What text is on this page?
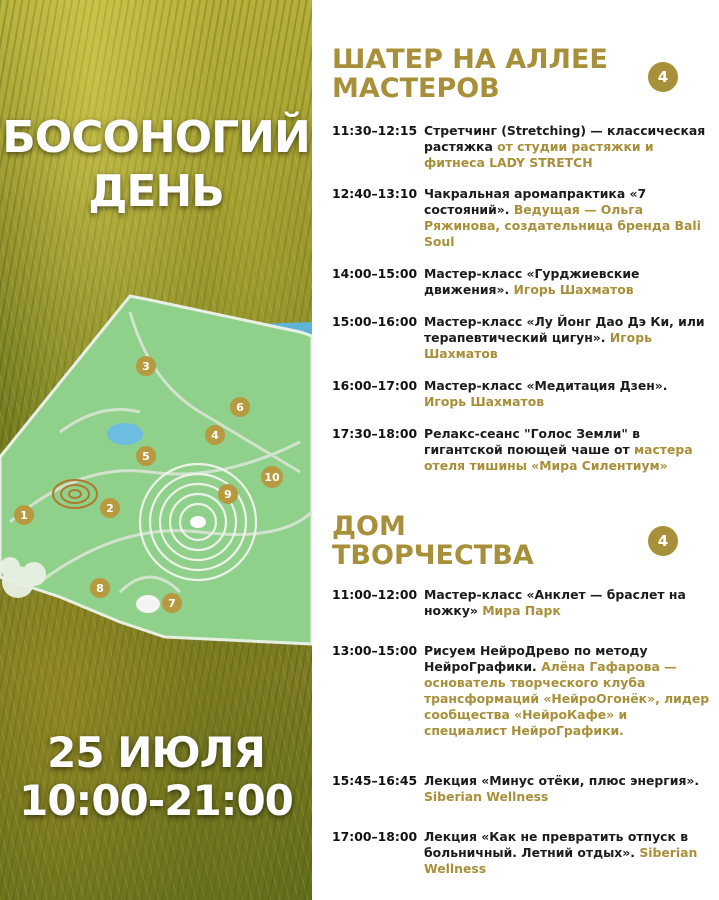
БОСОНОГИЙ
ДЕНЬ
1
2
3
4
5
6
7
8
9
10
25 ИЮЛЯ
10:00-21:00
ШАТЕР НА АЛЛЕЕ
МАСТЕРОВ	4
11:30–12:15 Стретчинг (Stretching) — классическая растяжка от студии растяжки и фитнеса LADY STRETCH
12:40–13:10 Чакральная аромапрактика «7 состояний». Ведущая — Ольга Ряжинова, создательница бренда Bali Soul
14:00–15:00 Мастер-класс «Гурджиевские движения». Игорь Шахматов
15:00–16:00 Мастер-класс «Лу Йонг Дао Дэ Ки, или терапевтический цигун». Игорь Шахматов
16:00–17:00 Мастер-класс «Медитация Дзен». Игорь Шахматов
17:30–18:00 Релакс-сеанс "Голос Земли" в гигантской поющей чаше от мастера отеля тишины «Мира Силентиум»
ДОМ
ТВОРЧЕСТВА	4
11:00–12:00 Мастер-класс «Анклет — браслет на ножку» Мира Парк
13:00–15:00 Рисуем НейроДрево по методу НейроГрафики. Алёна Гафарова — основатель творческого клуба трансформаций «НейроОгонёк», лидер сообщества «НейроКафе» и специалист НейроГрафики.
15:45–16:45 Лекция «Минус отёки, плюс энергия». Siberian Wellness
17:00–18:00 Лекция «Как не превратить отпуск в больничный. Летний отдых». Siberian Wellness
